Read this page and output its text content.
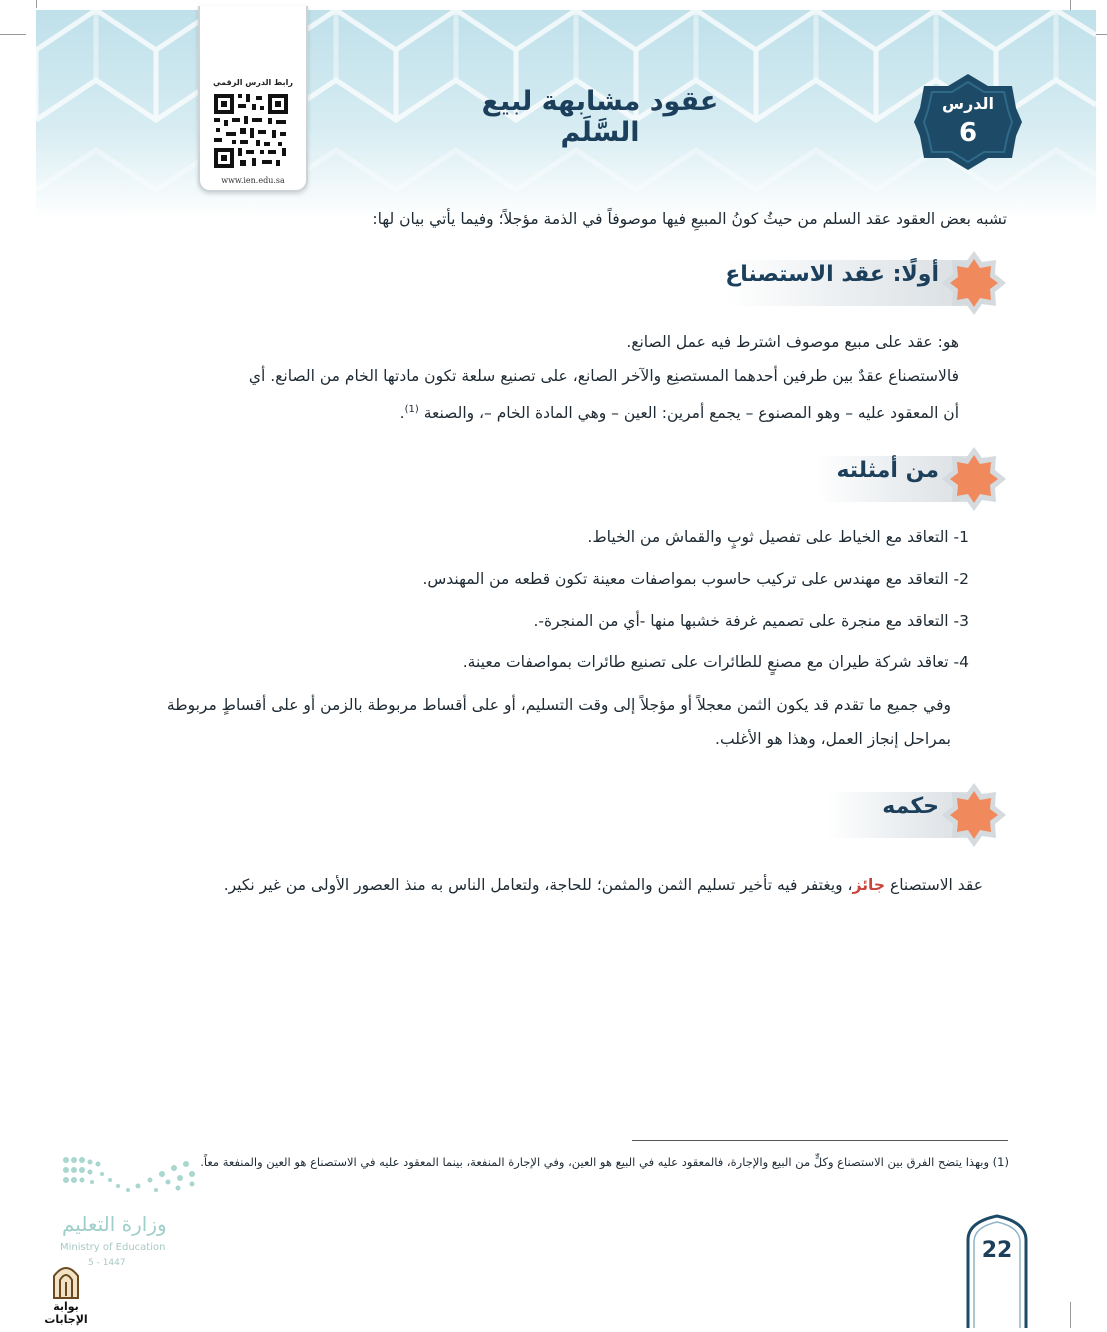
رابط الدرس الرقمي
www.ien.edu.sa
الدرس
6
عقود مشابهة لبيع السَّلَم
تشبه بعض العقود عقد السلم من حيثُ كونُ المبيعِ فيها موصوفاً في الذمة مؤجلاً؛ وفيما يأتي بيان لها:
أولًا: عقد الاستصناع
هو: عقد على مبيع موصوف اشترط فيه عمل الصانع.
فالاستصناع عقدٌ بين طرفين أحدهما المستصنِع والآخر الصانع، على تصنيع سلعة تكون مادتها الخام من الصانع. أي
أن المعقود عليه – وهو المصنوع – يجمع أمرين: العين – وهي المادة الخام –، والصنعة $^{(1)}$.
من أمثلته
1- التعاقد مع الخياط على تفصيل ثوبٍ والقماش من الخياط.
2- التعاقد مع مهندس على تركيب حاسوب بمواصفات معينة تكون قطعه من المهندس.
3- التعاقد مع منجرة على تصميم غرفة خشبها منها -أي من المنجرة-.
4- تعاقد شركة طيران مع مصنعٍ للطائرات على تصنيع طائرات بمواصفات معينة.
وفي جميع ما تقدم قد يكون الثمن معجلاً أو مؤجلاً إلى وقت التسليم، أو على أقساط مربوطة بالزمن أو على أقساطٍ مربوطة بمراحل إنجاز العمل، وهذا هو الأغلب.
حكمه
عقد الاستصناع جائز، ويغتفر فيه تأخير تسليم الثمن والمثمن؛ للحاجة، ولتعامل الناس به منذ العصور الأولى من غير نكير.
(1) وبهذا يتضح الفرق بين الاستصناع وكلٍّ من البيع والإجارة، فالمعقود عليه في البيع هو العين، وفي الإجارة المنفعة، بينما المعقود عليه في الاستصناع هو العين والمنفعة معاً.
وزارة التعليم
Ministry of Education
5 - 1447
بوابة الإجابات
22
